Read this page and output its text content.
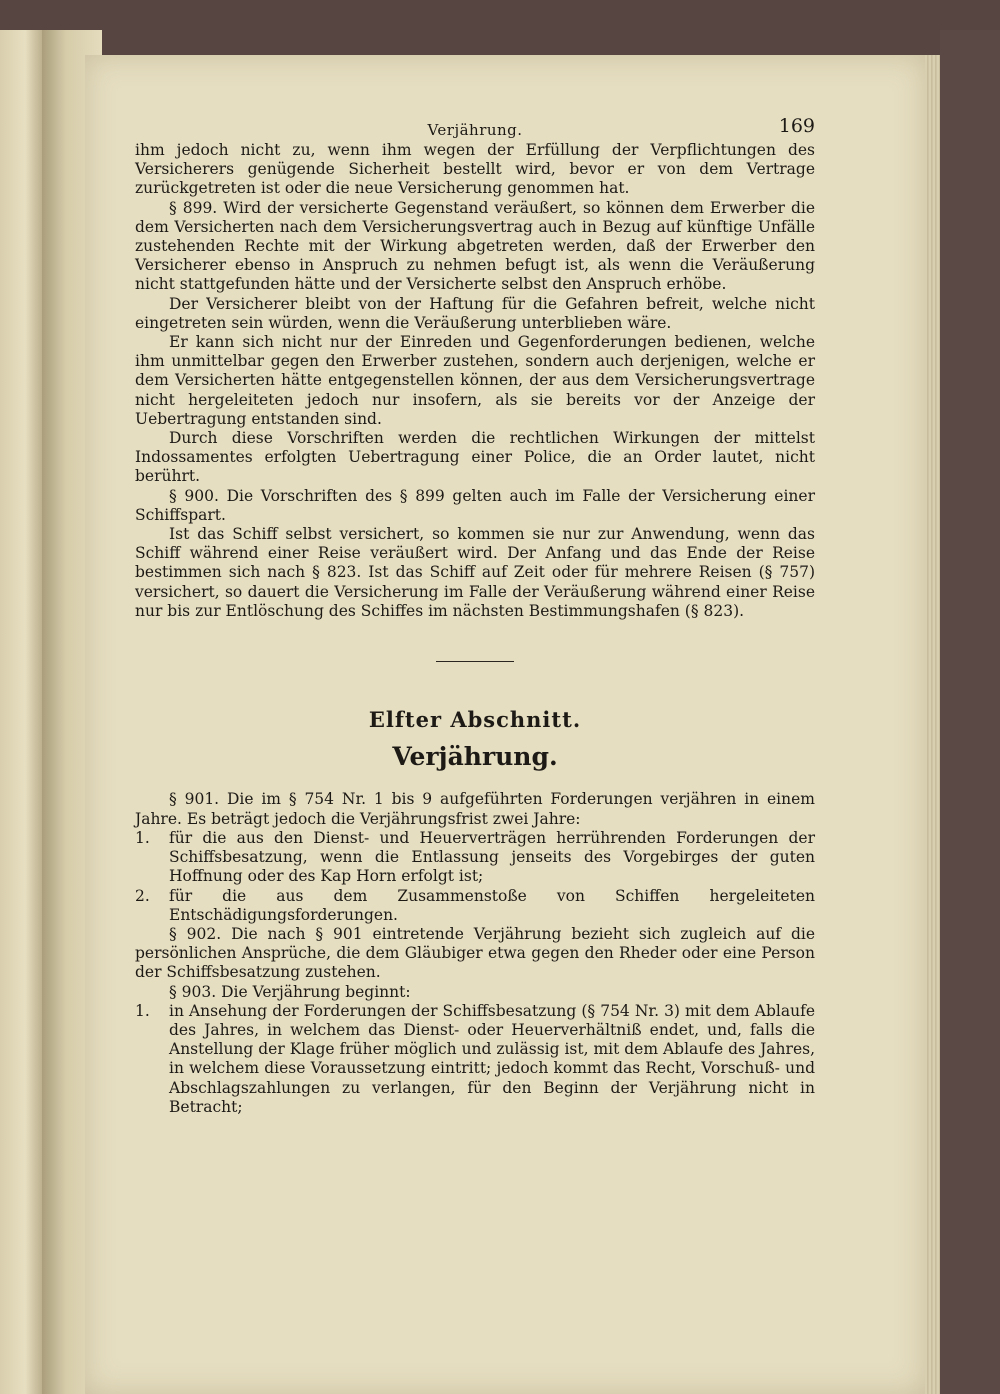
Verjährung.	169

ihm jedoch nicht zu, wenn ihm wegen der Erfüllung der Verpflichtungen des Versicherers genügende Sicherheit bestellt wird, bevor er von dem Vertrage zurückgetreten ist oder die neue Versicherung genommen hat.

§ 899. Wird der versicherte Gegenstand veräußert, so können dem Erwerber die dem Versicherten nach dem Versicherungsvertrag auch in Bezug auf künftige Unfälle zustehenden Rechte mit der Wirkung abgetreten werden, daß der Erwerber den Versicherer ebenso in Anspruch zu nehmen befugt ist, als wenn die Veräußerung nicht stattgefunden hätte und der Versicherte selbst den Anspruch erhöbe.

Der Versicherer bleibt von der Haftung für die Gefahren befreit, welche nicht eingetreten sein würden, wenn die Veräußerung unterblieben wäre.

Er kann sich nicht nur der Einreden und Gegenforderungen bedienen, welche ihm unmittelbar gegen den Erwerber zustehen, sondern auch derjenigen, welche er dem Versicherten hätte entgegenstellen können, der aus dem Versicherungsvertrage nicht hergeleiteten jedoch nur insofern, als sie bereits vor der Anzeige der Uebertragung entstanden sind.

Durch diese Vorschriften werden die rechtlichen Wirkungen der mittelst Indossamentes erfolgten Uebertragung einer Police, die an Order lautet, nicht berührt.

§ 900. Die Vorschriften des § 899 gelten auch im Falle der Versicherung einer Schiffspart.

Ist das Schiff selbst versichert, so kommen sie nur zur Anwendung, wenn das Schiff während einer Reise veräußert wird. Der Anfang und das Ende der Reise bestimmen sich nach § 823. Ist das Schiff auf Zeit oder für mehrere Reisen (§ 757) versichert, so dauert die Versicherung im Falle der Veräußerung während einer Reise nur bis zur Entlöschung des Schiffes im nächsten Bestimmungshafen (§ 823).

Elfter Abschnitt.
Verjährung.

§ 901. Die im § 754 Nr. 1 bis 9 aufgeführten Forderungen verjähren in einem Jahre. Es beträgt jedoch die Verjährungsfrist zwei Jahre:

1.	für die aus den Dienst- und Heuerverträgen herrührenden Forderungen der Schiffsbesatzung, wenn die Entlassung jenseits des Vorgebirges der guten Hoffnung oder des Kap Horn erfolgt ist;
2.	für die aus dem Zusammenstoße von Schiffen hergeleiteten Entschädigungsforderungen.

§ 902. Die nach § 901 eintretende Verjährung bezieht sich zugleich auf die persönlichen Ansprüche, die dem Gläubiger etwa gegen den Rheder oder eine Person der Schiffsbesatzung zustehen.

§ 903. Die Verjährung beginnt:

1.	in Ansehung der Forderungen der Schiffsbesatzung (§ 754 Nr. 3) mit dem Ablaufe des Jahres, in welchem das Dienst- oder Heuerverhältniß endet, und, falls die Anstellung der Klage früher möglich und zulässig ist, mit dem Ablaufe des Jahres, in welchem diese Voraussetzung eintritt; jedoch kommt das Recht, Vorschuß- und Abschlagszahlungen zu verlangen, für den Beginn der Verjährung nicht in Betracht;
